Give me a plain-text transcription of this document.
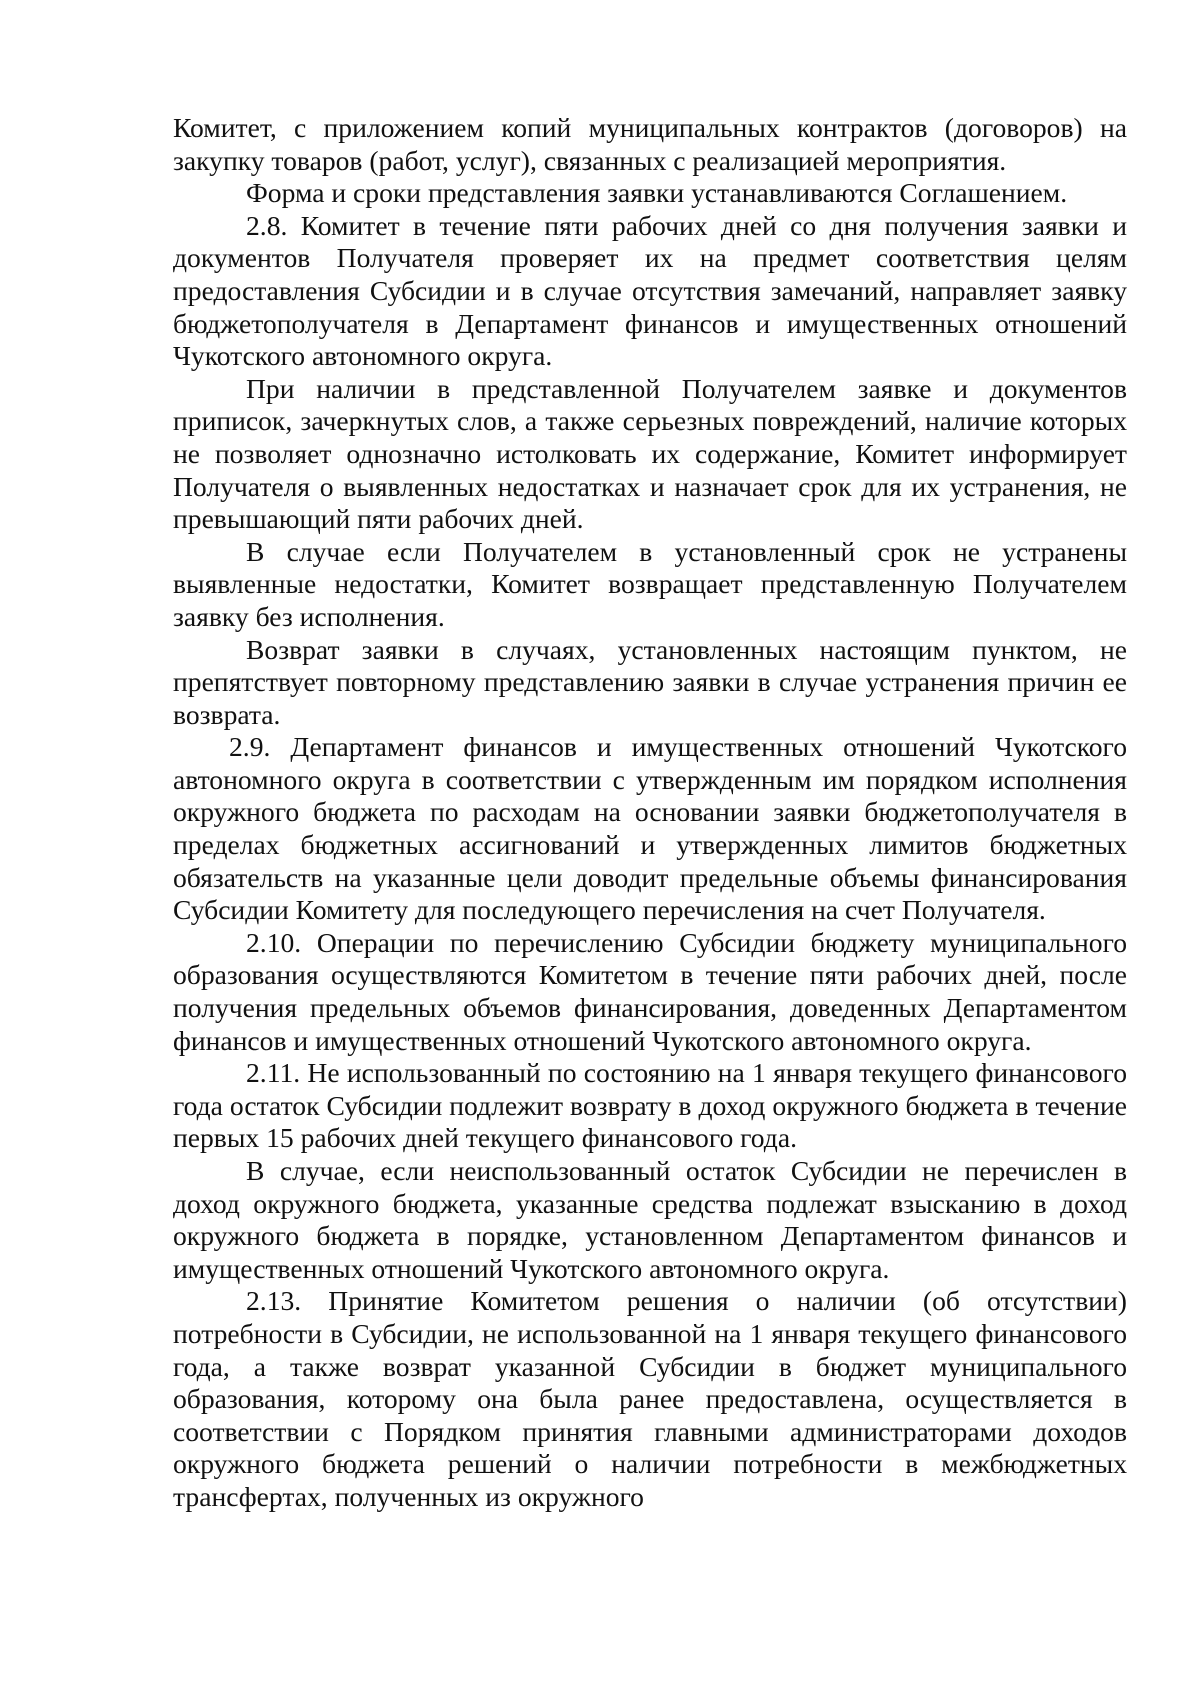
Комитет, с приложением копий муниципальных контрактов (договоров) на закупку товаров (работ, услуг), связанных с реализацией мероприятия.

Форма и сроки представления заявки устанавливаются Соглашением.

2.8. Комитет в течение пяти рабочих дней со дня получения заявки и документов Получателя проверяет их на предмет соответствия целям предоставления Субсидии и в случае отсутствия замечаний, направляет заявку бюджетополучателя в Департамент финансов и имущественных отношений Чукотского автономного округа.

При наличии в представленной Получателем заявке и документов приписок, зачеркнутых слов, а также серьезных повреждений, наличие которых не позволяет однозначно истолковать их содержание, Комитет информирует Получателя о выявленных недостатках и назначает срок для их устранения, не превышающий пяти рабочих дней.

В случае если Получателем в установленный срок не устранены выявленные недостатки, Комитет возвращает представленную Получателем заявку без исполнения.

Возврат заявки в случаях, установленных настоящим пунктом, не препятствует повторному представлению заявки в случае устранения причин ее возврата.

2.9. Департамент финансов и имущественных отношений Чукотского автономного округа в соответствии с утвержденным им порядком исполнения окружного бюджета по расходам на основании заявки бюджетополучателя в пределах бюджетных ассигнований и утвержденных лимитов бюджетных обязательств на указанные цели доводит предельные объемы финансирования Субсидии Комитету для последующего перечисления на счет Получателя.

2.10. Операции по перечислению Субсидии бюджету муниципального образования осуществляются Комитетом в течение пяти рабочих дней, после получения предельных объемов финансирования, доведенных Департаментом финансов и имущественных отношений Чукотского автономного округа.

2.11. Не использованный по состоянию на 1 января текущего финансового года остаток Субсидии подлежит возврату в доход окружного бюджета в течение первых 15 рабочих дней текущего финансового года.

В случае, если неиспользованный остаток Субсидии не перечислен в доход окружного бюджета, указанные средства подлежат взысканию в доход окружного бюджета в порядке, установленном Департаментом финансов и имущественных отношений Чукотского автономного округа.

2.13. Принятие Комитетом решения о наличии (об отсутствии) потребности в Субсидии, не использованной на 1 января текущего финансового года, а также возврат указанной Субсидии в бюджет муниципального образования, которому она была ранее предоставлена, осуществляется в соответствии с Порядком принятия главными администраторами доходов окружного бюджета решений о наличии потребности в межбюджетных трансфертах, полученных из окружного
